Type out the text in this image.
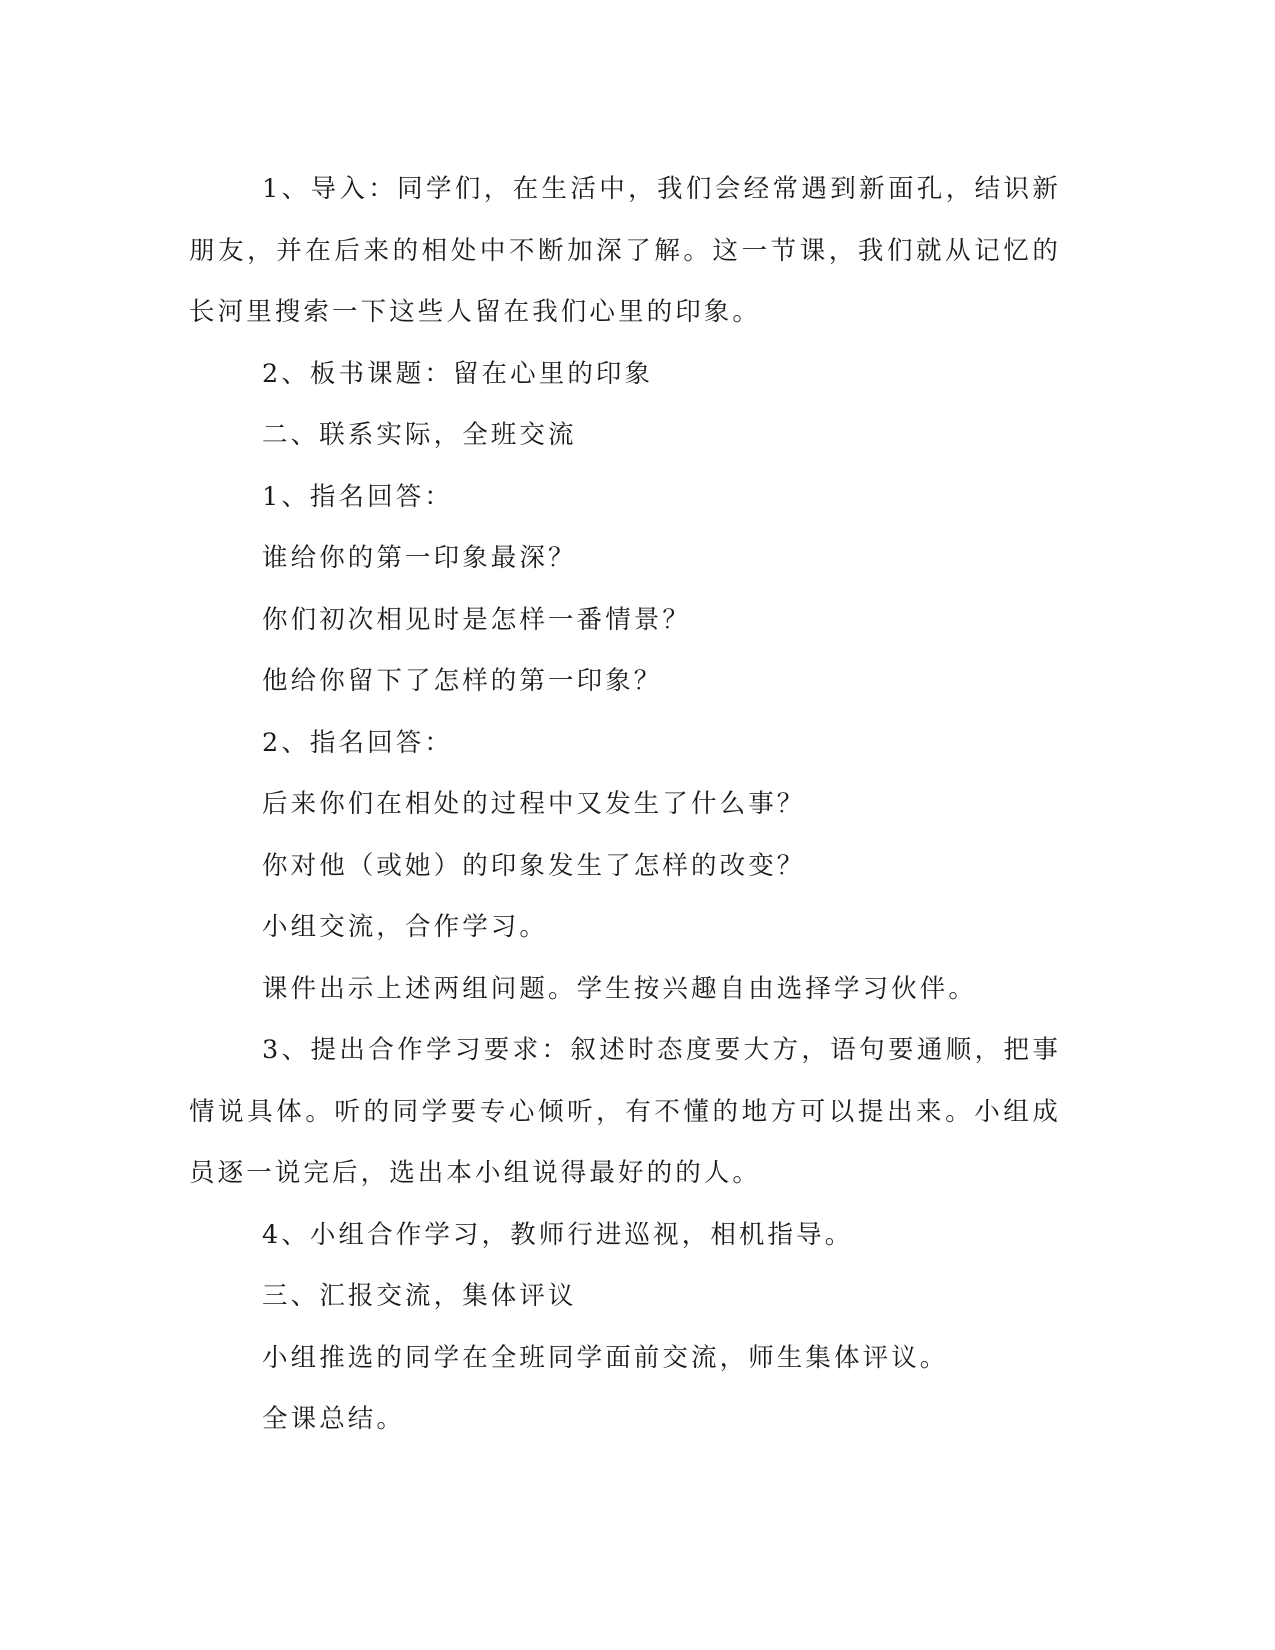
1、导入：同学们，在生活中，我们会经常遇到新面孔，结识新朋友，并在后来的相处中不断加深了解。这一节课，我们就从记忆的长河里搜索一下这些人留在我们心里的印象。

2、板书课题：留在心里的印象

二、联系实际，全班交流

1、指名回答：

谁给你的第一印象最深？

你们初次相见时是怎样一番情景？

他给你留下了怎样的第一印象？

2、指名回答：

后来你们在相处的过程中又发生了什么事？

你对他（或她）的印象发生了怎样的改变？

小组交流，合作学习。

课件出示上述两组问题。学生按兴趣自由选择学习伙伴。

3、提出合作学习要求：叙述时态度要大方，语句要通顺，把事情说具体。听的同学要专心倾听，有不懂的地方可以提出来。小组成员逐一说完后，选出本小组说得最好的的人。

4、小组合作学习，教师行进巡视，相机指导。

三、汇报交流，集体评议

小组推选的同学在全班同学面前交流，师生集体评议。

全课总结。
